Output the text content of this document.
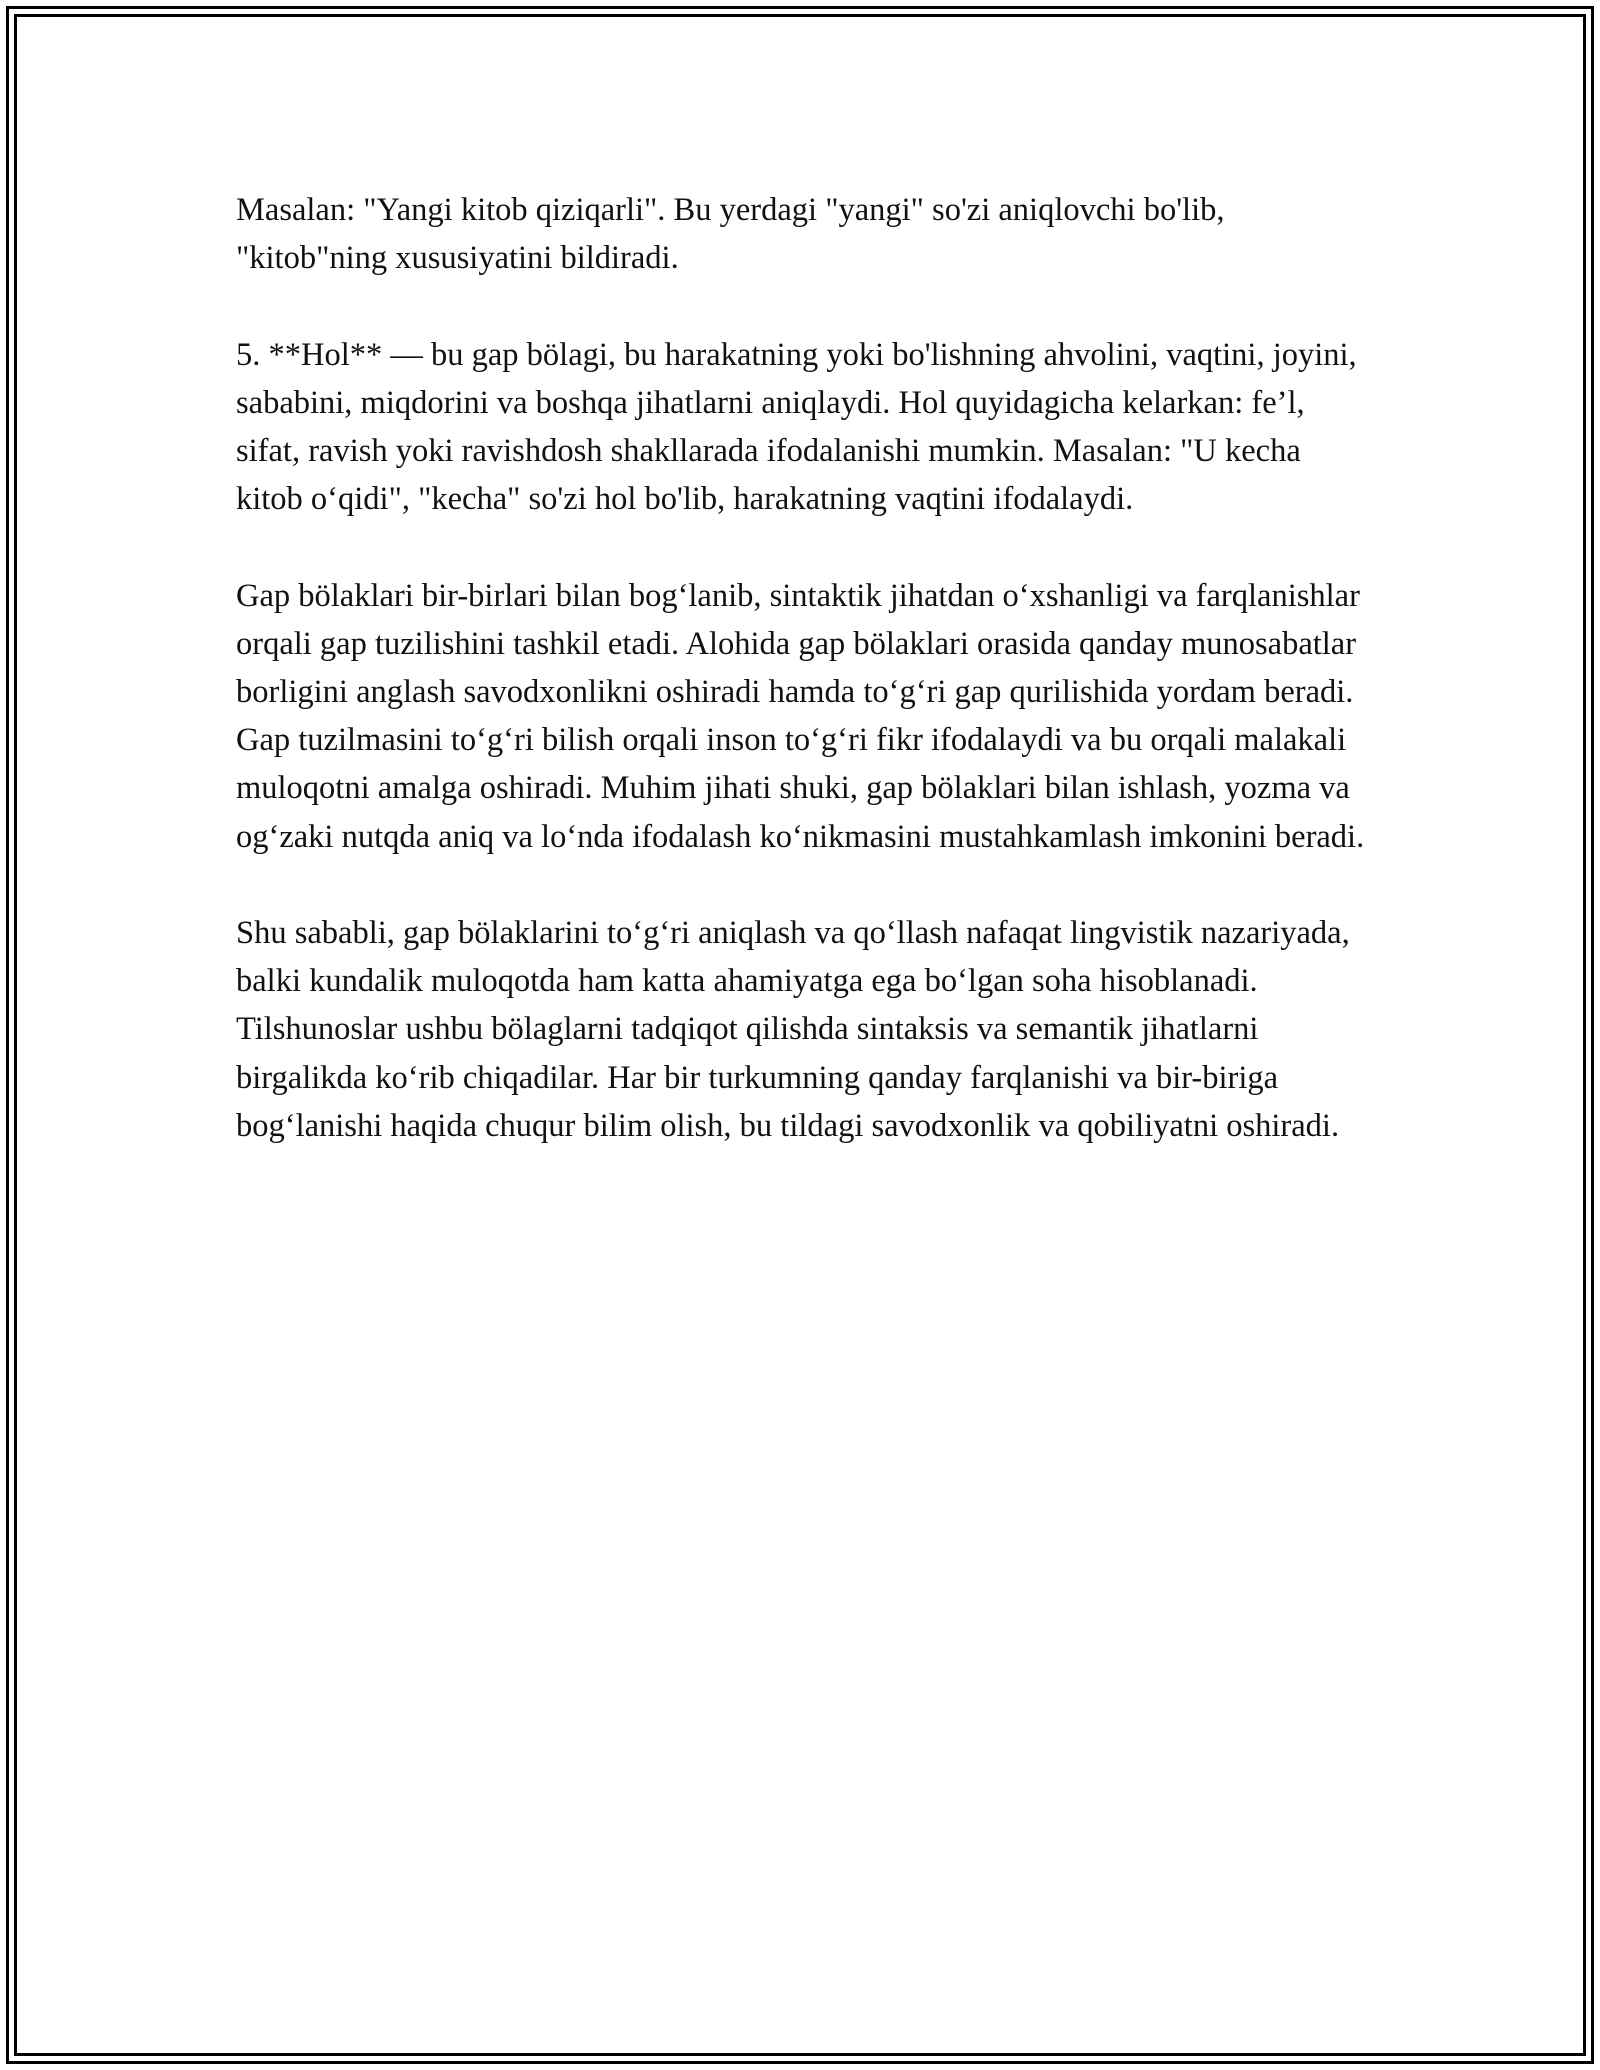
Masalan: "Yangi kitob qiziqarli". Bu yerdagi "yangi" so'zi aniqlovchi bo'lib, "kitob"ning xususiyatini bildiradi.

5. **Hol** — bu gap bölagi, bu harakatning yoki bo'lishning ahvolini, vaqtini, joyini, sababini, miqdorini va boshqa jihatlarni aniqlaydi. Hol quyidagicha kelarkan: fe’l, sifat, ravish yoki ravishdosh shakllarada ifodalanishi mumkin. Masalan: "U kecha kitob o‘qidi", "kecha" so'zi hol bo'lib, harakatning vaqtini ifodalaydi.

Gap bölaklari bir-birlari bilan bog‘lanib, sintaktik jihatdan o‘xshanligi va farqlanishlar orqali gap tuzilishini tashkil etadi. Alohida gap bölaklari orasida qanday munosabatlar borligini anglash savodxonlikni oshiradi hamda to‘g‘ri gap qurilishida yordam beradi. Gap tuzilmasini to‘g‘ri bilish orqali inson to‘g‘ri fikr ifodalaydi va bu orqali malakali muloqotni amalga oshiradi. Muhim jihati shuki, gap bölaklari bilan ishlash, yozma va og‘zaki nutqda aniq va lo‘nda ifodalash ko‘nikmasini mustahkamlash imkonini beradi.

Shu sababli, gap bölaklarini to‘g‘ri aniqlash va qo‘llash nafaqat lingvistik nazariyada, balki kundalik muloqotda ham katta ahamiyatga ega bo‘lgan soha hisoblanadi. Tilshunoslar ushbu bölaglarni tadqiqot qilishda sintaksis va semantik jihatlarni birgalikda ko‘rib chiqadilar. Har bir turkumning qanday farqlanishi va bir-biriga bog‘lanishi haqida chuqur bilim olish, bu tildagi savodxonlik va qobiliyatni oshiradi.
